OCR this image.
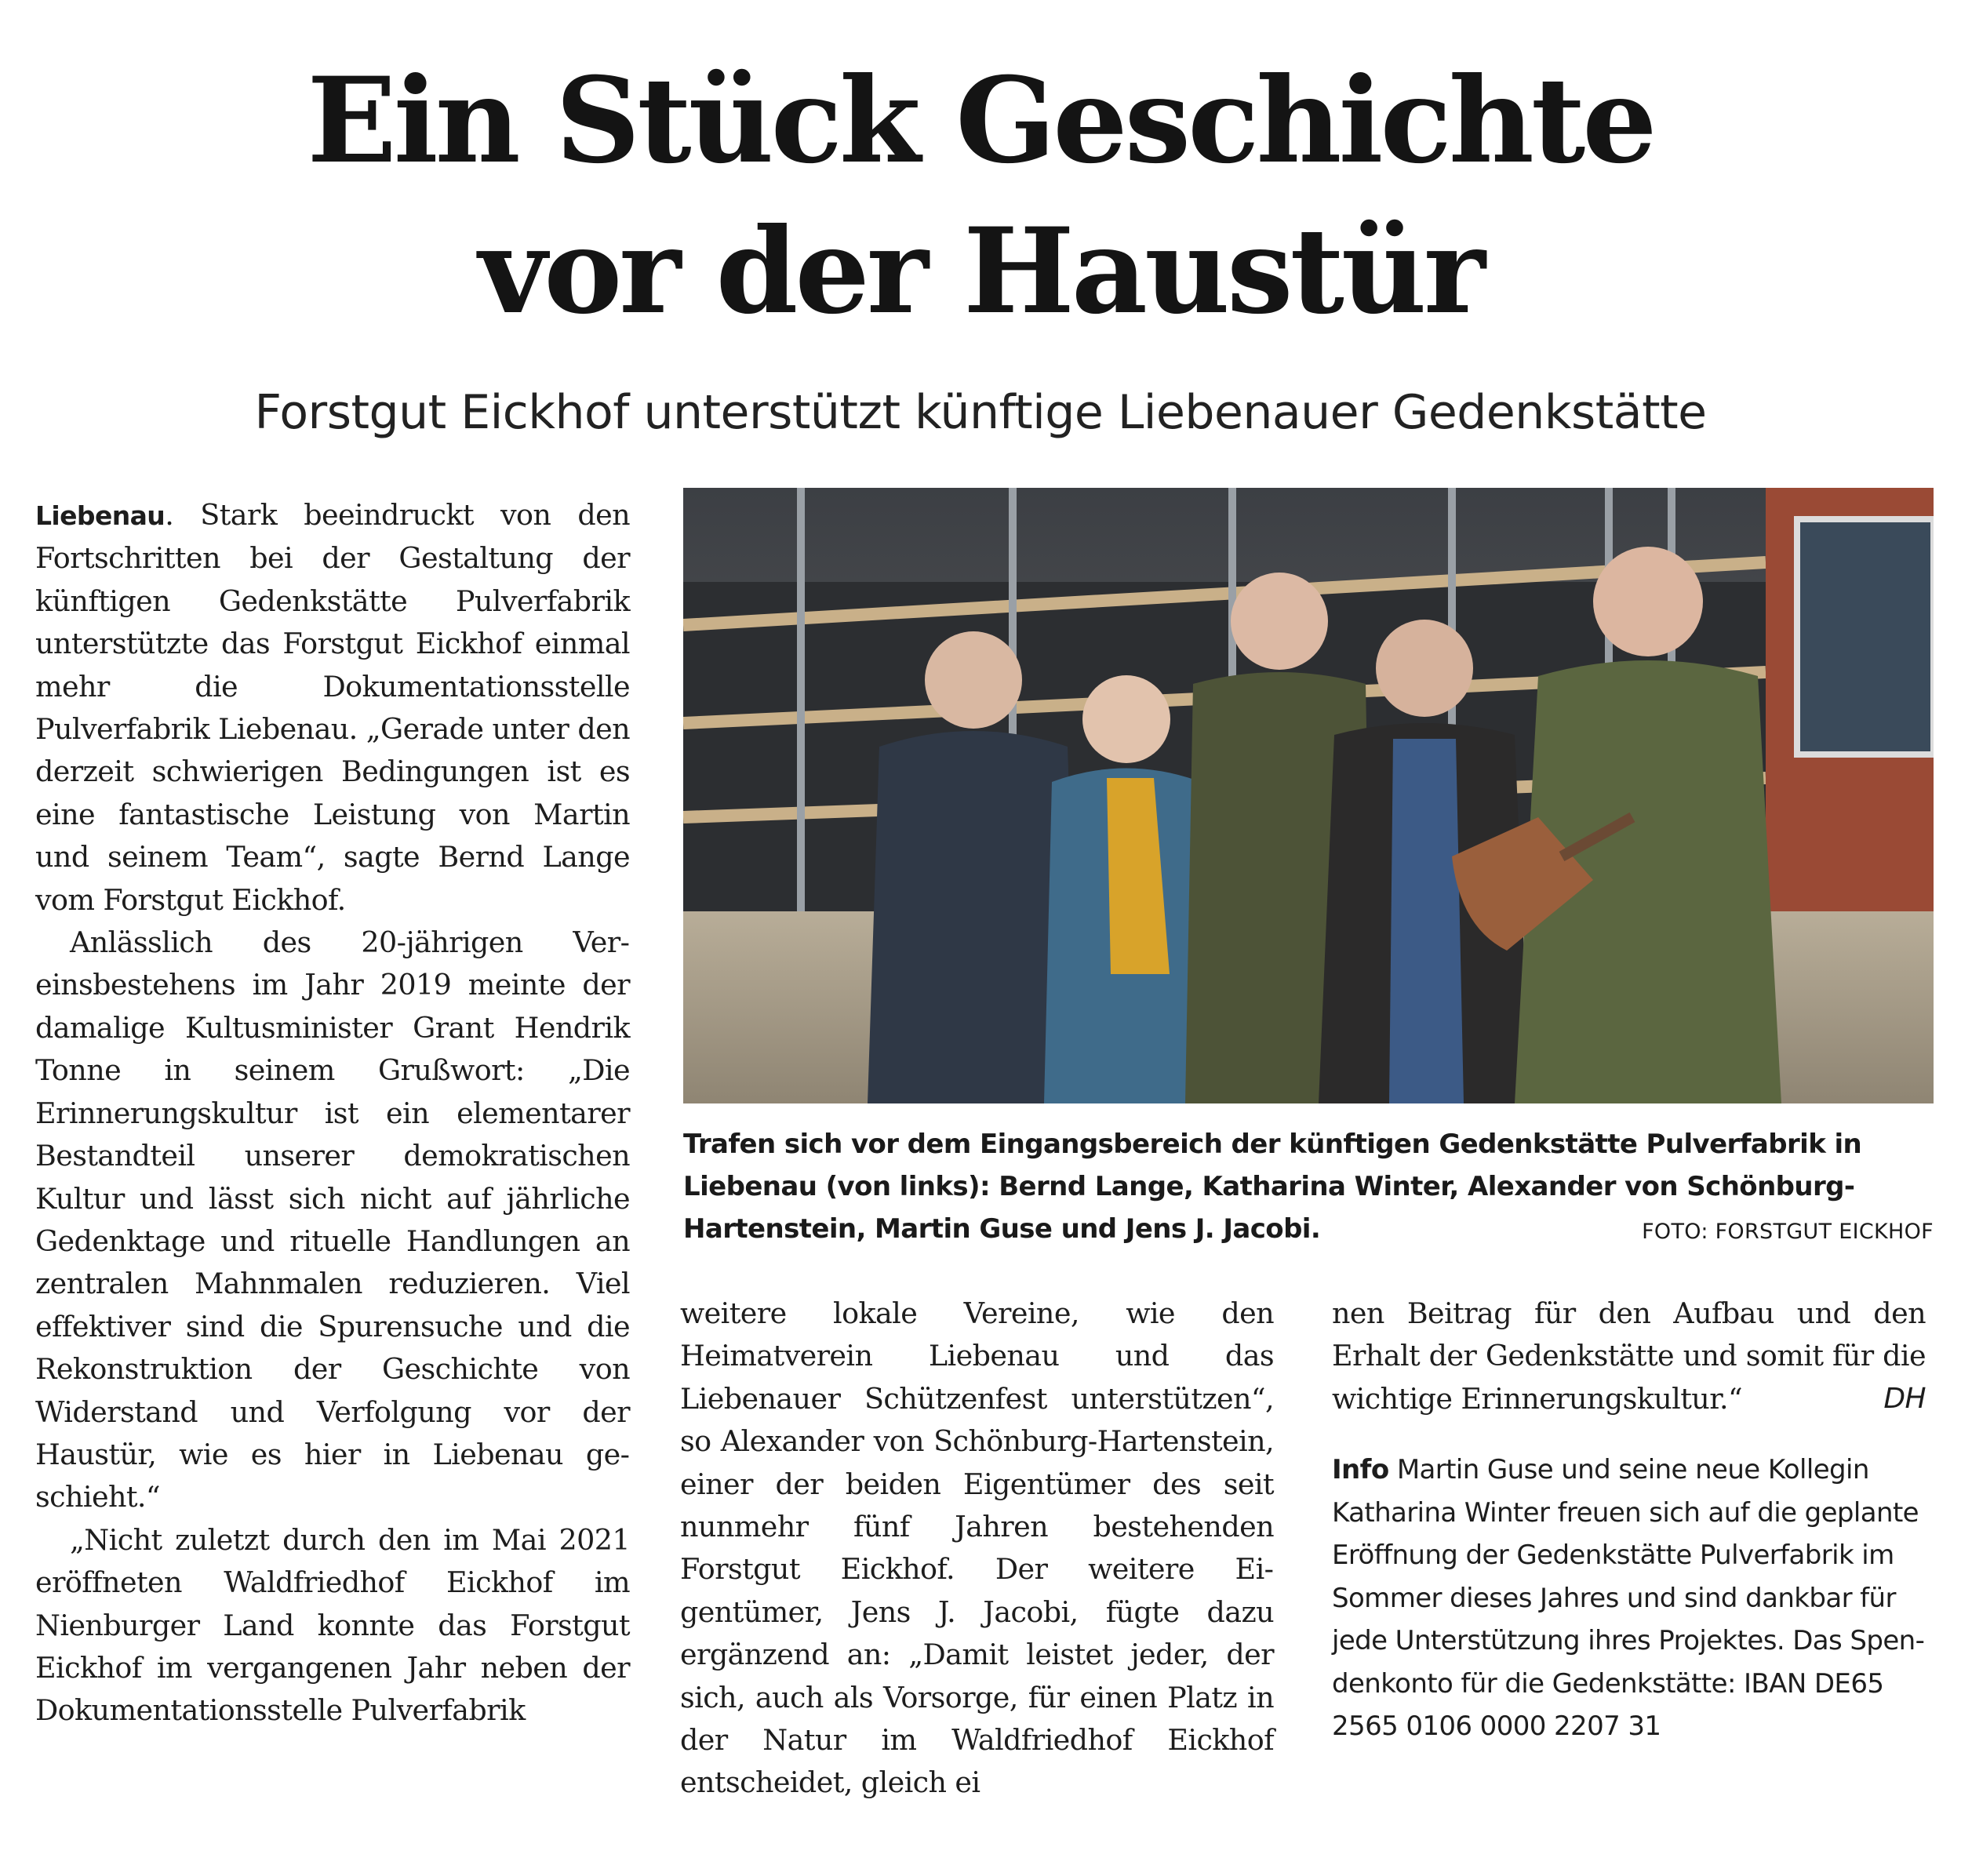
Ein Stück Geschichte
vor der Haustür
Forstgut Eickhof unterstützt künftige Liebenauer Gedenkstätte

Liebenau. Stark beeindruckt von den Fortschritten bei der Gestaltung der künftigen Gedenkstätte Pulverfabrik unterstützte das Forstgut Eickhof einmal mehr die Dokumentationsstelle Pulverfabrik Liebenau. „Gerade unter den derzeit schwierigen Bedingungen ist es eine fantastische Leistung von Martin und seinem Team“, sagte Bernd Lange vom Forstgut Eickhof.

Anlässlich des 20-jährigen Vereinsbestehens im Jahr 2019 meinte der damalige Kultusminister Grant Hendrik Tonne in seinem Grußwort: „Die Erinnerungskultur ist ein elementarer Bestandteil unserer demokratischen Kultur und lässt sich nicht auf jährliche Gedenktage und rituelle Handlungen an zentralen Mahnmalen reduzieren. Viel effektiver sind die Spurensuche und die Rekonstruktion der Geschichte von Widerstand und Verfolgung vor der Haustür, wie es hier in Liebenau geschieht.“

„Nicht zuletzt durch den im Mai 2021 eröffneten Waldfriedhof Eickhof im Nienburger Land konnte das Forstgut Eickhof im vergangenen Jahr neben der Dokumentationsstelle Pulverfabrik

Trafen sich vor dem Eingangsbereich der künftigen Gedenkstätte Pulverfabrik in Liebenau (von links): Bernd Lange, Katharina Winter, Alexander von Schönburg-Hartenstein, Martin Guse und Jens J. Jacobi.	FOTO: FORSTGUT EICKHOF

weitere lokale Vereine, wie den Heimatverein Liebenau und das Liebenauer Schützenfest unterstützen“, so Alexander von Schönburg-Hartenstein, einer der beiden Eigentümer des seit nunmehr fünf Jahren bestehenden Forstgut Eickhof. Der weitere Eigentümer, Jens J. Jacobi, fügte dazu ergänzend an: „Damit leistet jeder, der sich, auch als Vorsorge, für einen Platz in der Natur im Waldfriedhof Eickhof entscheidet, gleich ei

nen Beitrag für den Aufbau und den Erhalt der Gedenkstätte und somit für die wichtige Erinnerungskultur.“	DH
Info Martin Guse und seine neue Kollegin Katharina Winter freuen sich auf die geplante Eröffnung der Gedenkstätte Pulverfabrik im Sommer dieses Jahres und sind dankbar für jede Unterstützung ihres Projektes. Das Spendenkonto für die Gedenkstätte: IBAN DE65 2565 0106 0000 2207 31
